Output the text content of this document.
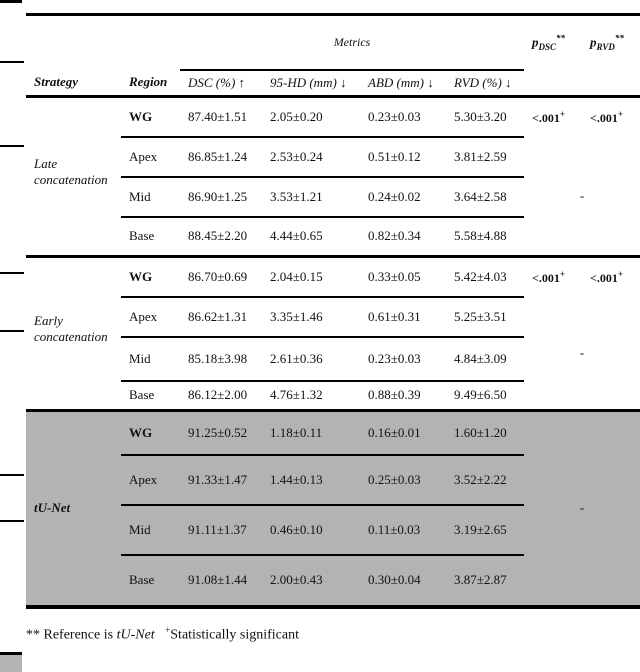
		Metrics				$p_{DSC}^{**}$	$p_{RVD}^{**}$
Strategy	Region	DSC (%) ↑	95-HD (mm) ↓	ABD (mm) ↓	RVD (%) ↓		
Late concatenation	WG	87.40±1.51	2.05±0.20	0.23±0.03	5.30±3.20	<.001+	<.001+
	Apex	86.85±1.24	2.53±0.24	0.51±0.12	3.81±2.59	-	
	Mid	86.90±1.25	3.53±1.21	0.24±0.02	3.64±2.58		
	Base	88.45±2.20	4.44±0.65	0.82±0.34	5.58±4.88		
Early concatenation	WG	86.70±0.69	2.04±0.15	0.33±0.05	5.42±4.03	<.001+	<.001+
	Apex	86.62±1.31	3.35±1.46	0.61±0.31	5.25±3.51	-	
	Mid	85.18±3.98	2.61±0.36	0.23±0.03	4.84±3.09		
	Base	86.12±2.00	4.76±1.32	0.88±0.39	9.49±6.50		
tU-Net	WG	91.25±0.52	1.18±0.11	0.16±0.01	1.60±1.20	-	
	Apex	91.33±1.47	1.44±0.13	0.25±0.03	3.52±2.22		
	Mid	91.11±1.37	0.46±0.10	0.11±0.03	3.19±2.65		
	Base	91.08±1.44	2.00±0.43	0.30±0.04	3.87±2.87		

** Reference is tU-Net +Statistically significant
